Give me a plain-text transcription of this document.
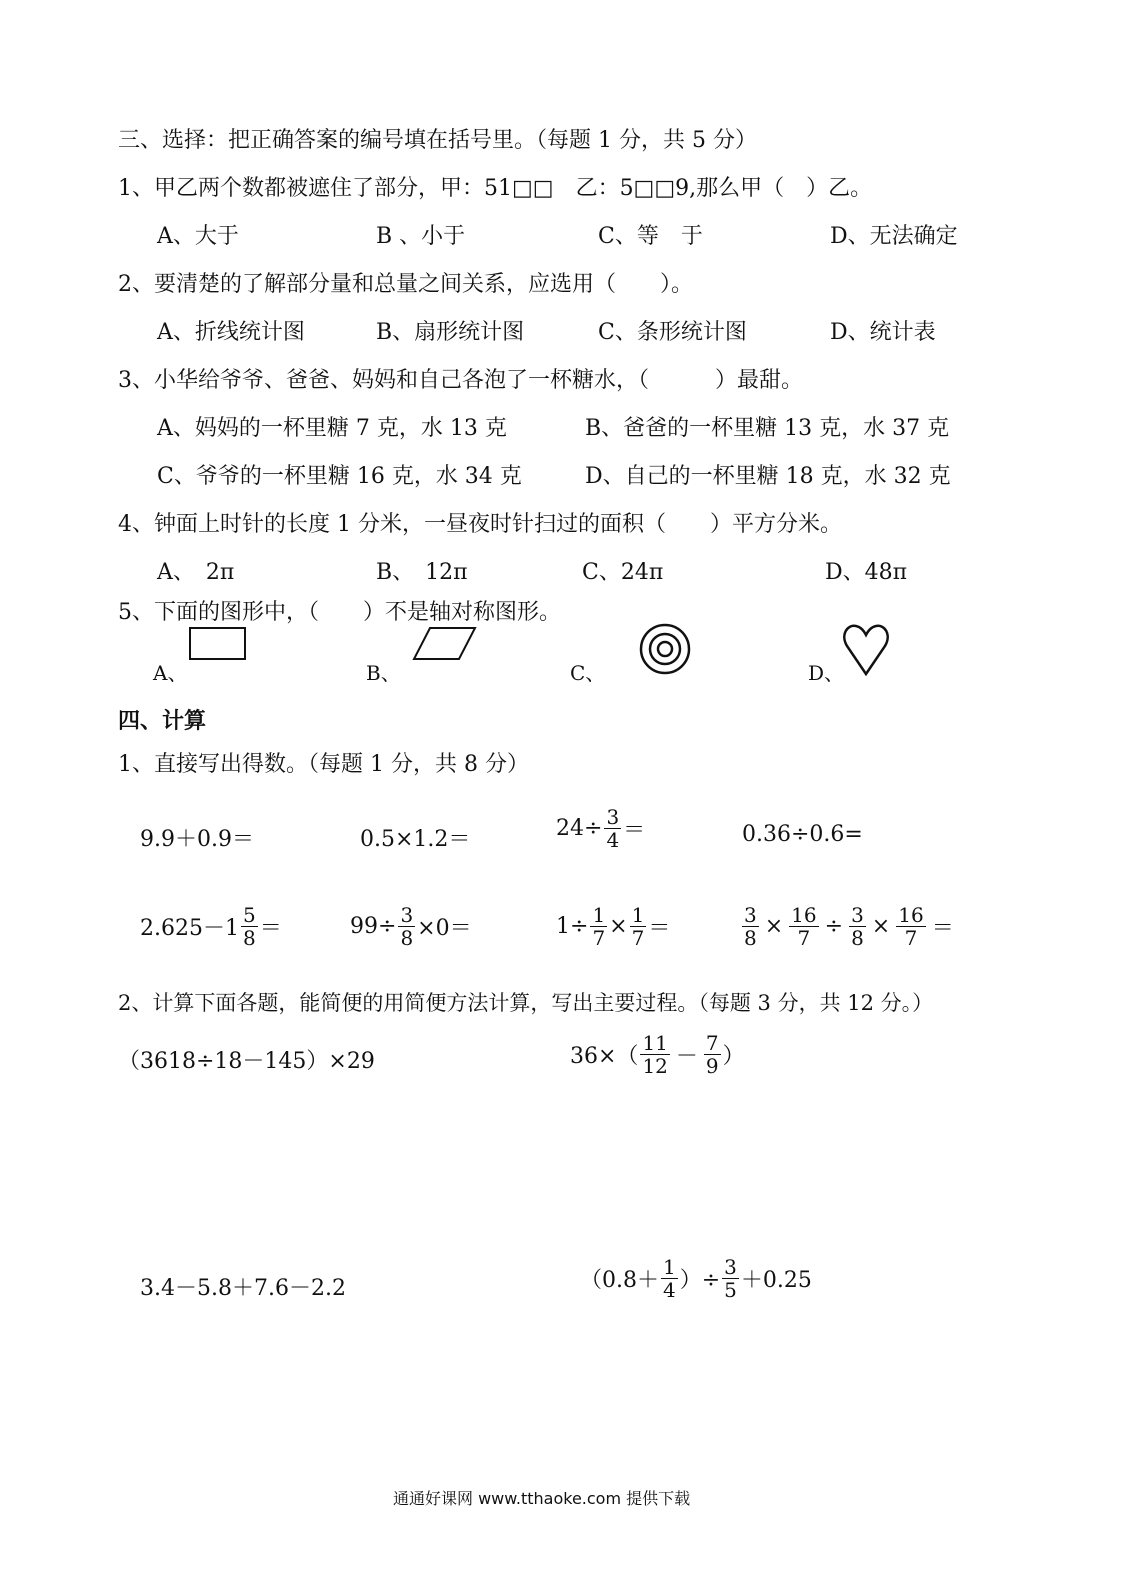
三、选择：把正确答案的编号填在括号里。（每题 1 分，共 5 分）
1、甲乙两个数都被遮住了部分，甲：51□□　乙：5□□9,那么甲（　）乙。
A、大于	B 、小于	C、等　于	D、无法确定
2、要清楚的了解部分量和总量之间关系，应选用（　　）。
A、折线统计图	B、扇形统计图	C、条形统计图	D、统计表
3、小华给爷爷、爸爸、妈妈和自己各泡了一杯糖水，（　　　）最甜。
A、妈妈的一杯里糖 7 克，水 13 克	B、爸爸的一杯里糖 13 克，水 37 克
C、爷爷的一杯里糖 16 克，水 34 克	D、自己的一杯里糖 18 克，水 32 克
4、钟面上时针的长度 1 分米，一昼夜时针扫过的面积（　　）平方分米。
A、　2π	B、　12π	C、24π	D、48π
5、下面的图形中，（　　）不是轴对称图形。
A、	B、	C、	D、
四、计算
1、直接写出得数。（每题 1 分，共 8 分）
9.9＋0.9＝	0.5×1.2＝	$24\div \frac{3}{4}$ ＝	0.36÷0.6=
$2.625-1 \frac{5}{8}$ ＝	$99\div \frac{3}{8} \times 0=$	$1\div \frac{1}{7} \times \frac{1}{7}$ ＝	$\frac{3}{8} \times \frac{16}{7} \div \frac{3}{8} \times \frac{16}{7}$ ＝
2、计算下面各题，能简便的用简便方法计算，写出主要过程。（每题 3 分，共 12 分。）
（3618÷18－145）×29	$36\times( \frac{11}{12} - \frac{7}{9}$ ）
3.4－5.8＋7.6－2.2	（$0.8+ \frac{1}{4}$ ）÷ $\frac{3}{5} +0.25$
通通好课网 www.tthaoke.com 提供下载
